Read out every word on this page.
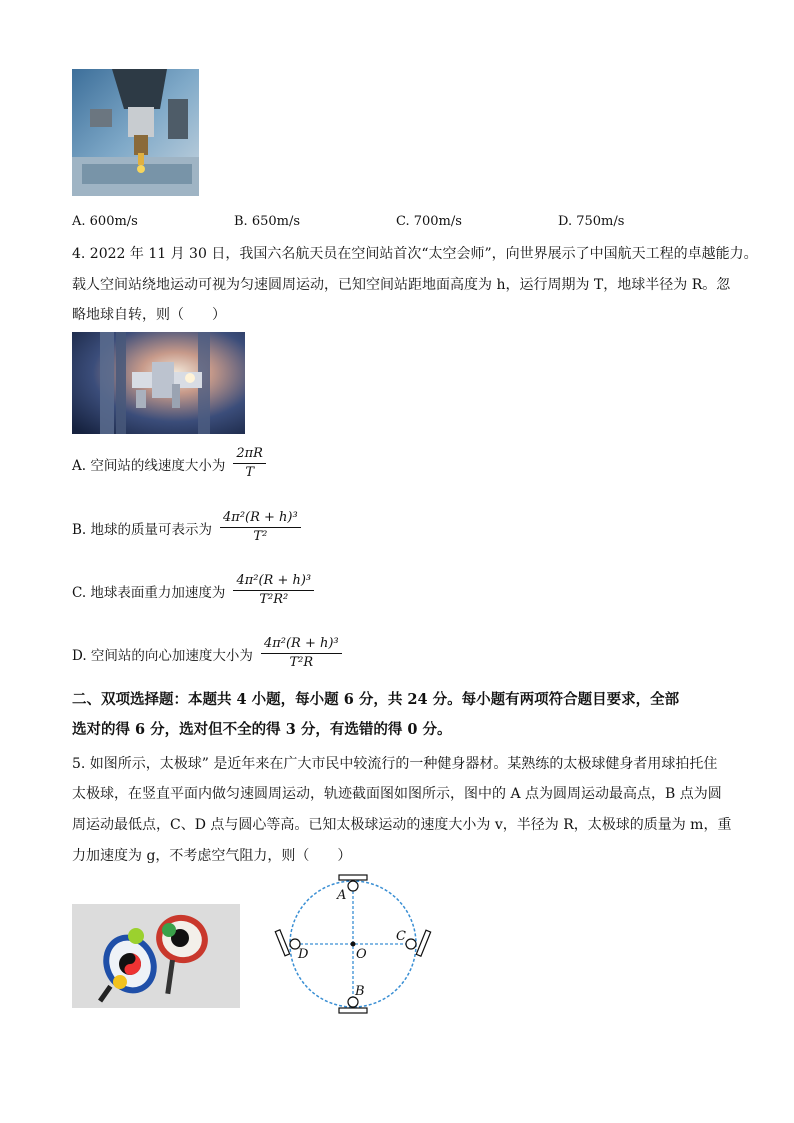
A. 600m/s	B. 650m/s	C. 700m/s	D. 750m/s
4. 2022 年 11 月 30 日，我国六名航天员在空间站首次“太空会师”，向世界展示了中国航天工程的卓越能力。
载人空间站绕地运动可视为匀速圆周运动，已知空间站距地面高度为 h，运行周期为 T，地球半径为 R。忽
略地球自转，则（　　）
A. 空间站的线速度大小为 $\frac{2\pi R}{T}$
B. 地球的质量可表示为 $\frac{\text{4π²(R + h)³}}{\text{T²}}$
C. 地球表面重力加速度为 $\frac{\text{4π²(R + h)³}}{\text{T²R²}}$
D. 空间站的向心加速度大小为 $\frac{\text{4π²(R + h)³}}{\text{T²R}}$
二、双项选择题：本题共 4 小题，每小题 6 分，共 24 分。每小题有两项符合题目要求，全部
选对的得 6 分，选对但不全的得 3 分，有选错的得 0 分。
5. 如图所示，太极球” 是近年来在广大市民中较流行的一种健身器材。某熟练的太极球健身者用球拍托住
太极球，在竖直平面内做匀速圆周运动，轨迹截面图如图所示，图中的 A 点为圆周运动最高点，B 点为圆
周运动最低点，C、D 点与圆心等高。已知太极球运动的速度大小为 v，半径为 R，太极球的质量为 m，重
力加速度为 g，不考虑空气阻力，则（　　）
A
B
C
D	O
